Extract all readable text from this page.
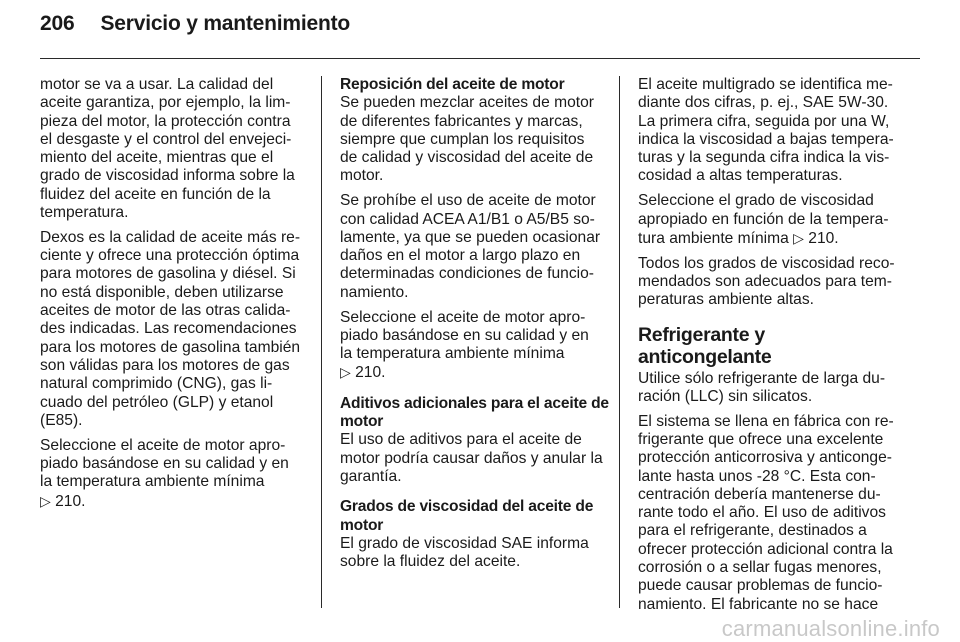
206 Servicio y mantenimiento

motor se va a usar. La calidad del
aceite garantiza, por ejemplo, la lim-
pieza del motor, la protección contra
el desgaste y el control del envejeci-
miento del aceite, mientras que el
grado de viscosidad informa sobre la
fluidez del aceite en función de la
temperatura.

Dexos es la calidad de aceite más re-
ciente y ofrece una protección óptima
para motores de gasolina y diésel. Si
no está disponible, deben utilizarse
aceites de motor de las otras calida-
des indicadas. Las recomendaciones
para los motores de gasolina también
son válidas para los motores de gas
natural comprimido (CNG), gas li-
cuado del petróleo (GLP) y etanol
(E85).

Seleccione el aceite de motor apro-
piado basándose en su calidad y en
la temperatura ambiente mínima
▷ 210.

Reposición del aceite de motor

Se pueden mezclar aceites de motor
de diferentes fabricantes y marcas,
siempre que cumplan los requisitos
de calidad y viscosidad del aceite de
motor.

Se prohíbe el uso de aceite de motor
con calidad ACEA A1/B1 o A5/B5 so-
lamente, ya que se pueden ocasionar
daños en el motor a largo plazo en
determinadas condiciones de funcio-
namiento.

Seleccione el aceite de motor apro-
piado basándose en su calidad y en
la temperatura ambiente mínima
▷ 210.

Aditivos adicionales para el aceite de
motor

El uso de aditivos para el aceite de
motor podría causar daños y anular la
garantía.

Grados de viscosidad del aceite de
motor

El grado de viscosidad SAE informa
sobre la fluidez del aceite.

El aceite multigrado se identifica me-
diante dos cifras, p. ej., SAE 5W-30.
La primera cifra, seguida por una W,
indica la viscosidad a bajas tempera-
turas y la segunda cifra indica la vis-
cosidad a altas temperaturas.

Seleccione el grado de viscosidad
apropiado en función de la tempera-
tura ambiente mínima ▷ 210.

Todos los grados de viscosidad reco-
mendados son adecuados para tem-
peraturas ambiente altas.

Refrigerante y anticongelante

Utilice sólo refrigerante de larga du-
ración (LLC) sin silicatos.

El sistema se llena en fábrica con re-
frigerante que ofrece una excelente
protección anticorrosiva y anticonge-
lante hasta unos -28 °C. Esta con-
centración debería mantenerse du-
rante todo el año. El uso de aditivos
para el refrigerante, destinados a
ofrecer protección adicional contra la
corrosión o a sellar fugas menores,
puede causar problemas de funcio-
namiento. El fabricante no se hace

carmanualsonline.info
